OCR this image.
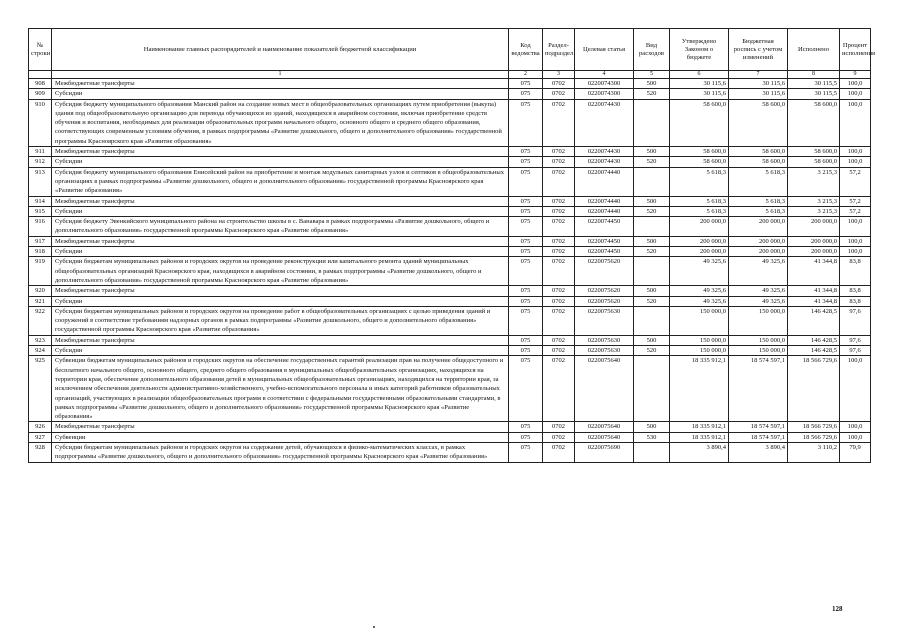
№ строки	Наименование главных распорядителей и наименование показателей бюджетной классификации	Код ведомства	Раздел-подраздел	Целевая статья	Вид расходов	Утверждено Законом о бюджете	Бюджетная роспись с учетом изменений	Исполнено	Процент исполнения
	1	2	3	4	5	6	7	8	9
908	Межбюджетные трансферты	075	0702	0220074300	500	30 115,6	30 115,6	30 115,5	100,0
909	Субсидии	075	0702	0220074300	520	30 115,6	30 115,6	30 115,5	100,0
910	Субсидия бюджету муниципального образования Манский район на создание новых мест в общеобразовательных организациях путем приобретения (выкупа) здания под общеобразовательную организацию для перевода обучающихся из зданий, находящихся в аварийном состоянии, включая приобретение средств обучения и воспитания, необходимых для реализации образовательных программ начального общего, основного общего и среднего общего образования, соответствующих современным условиям обучения, в рамках подпрограммы «Развитие дошкольного, общего и дополнительного образования» государственной программы Красноярского края «Развитие образования»	075	0702	0220074430		58 600,0	58 600,0	58 600,0	100,0
911	Межбюджетные трансферты	075	0702	0220074430	500	58 600,0	58 600,0	58 600,0	100,0
912	Субсидии	075	0702	0220074430	520	58 600,0	58 600,0	58 600,0	100,0
913	Субсидия бюджету муниципального образования Енисейский район на приобретение и монтаж модульных санитарных узлов и септиков в общеобразовательных организациях в рамках подпрограммы «Развитие дошкольного, общего и дополнительного образования» государственной программы Красноярского края «Развитие образования»	075	0702	0220074440		5 618,3	5 618,3	3 215,3	57,2
914	Межбюджетные трансферты	075	0702	0220074440	500	5 618,3	5 618,3	3 215,3	57,2
915	Субсидии	075	0702	0220074440	520	5 618,3	5 618,3	3 215,3	57,2
916	Субсидия бюджету Эвенкийского муниципального района на строительство школы в с. Ванавара в рамках подпрограммы «Развитие дошкольного, общего и дополнительного образования» государственной программы Красноярского края «Развитие образования»	075	0702	0220074450		200 000,0	200 000,0	200 000,0	100,0
917	Межбюджетные трансферты	075	0702	0220074450	500	200 000,0	200 000,0	200 000,0	100,0
918	Субсидии	075	0702	0220074450	520	200 000,0	200 000,0	200 000,0	100,0
919	Субсидии бюджетам муниципальных районов и городских округов на проведение реконструкции или капитального ремонта зданий муниципальных общеобразовательных организаций Красноярского края, находящихся в аварийном состоянии, в рамках подпрограммы «Развитие дошкольного, общего и дополнительного образования» государственной программы Красноярского края «Развитие образования»	075	0702	0220075620		49 325,6	49 325,6	41 344,8	83,8
920	Межбюджетные трансферты	075	0702	0220075620	500	49 325,6	49 325,6	41 344,8	83,8
921	Субсидии	075	0702	0220075620	520	49 325,6	49 325,6	41 344,8	83,8
922	Субсидии бюджетам муниципальных районов и городских округов на проведение работ в общеобразовательных организациях с целью приведения зданий и сооружений в соответствие требованиям надзорных органов в рамках подпрограммы «Развитие дошкольного, общего и дополнительного образования» государственной программы Красноярского края «Развитие образования»	075	0702	0220075630		150 000,0	150 000,0	146 428,5	97,6
923	Межбюджетные трансферты	075	0702	0220075630	500	150 000,0	150 000,0	146 428,5	97,6
924	Субсидии	075	0702	0220075630	520	150 000,0	150 000,0	146 428,5	97,6
925	Субвенции бюджетам муниципальных районов и городских округов на обеспечение государственных гарантий реализации прав на получение общедоступного и бесплатного начального общего, основного общего, среднего общего образования в муниципальных общеобразовательных организациях, находящихся на территории края, обеспечение дополнительного образования детей в муниципальных общеобразовательных организациях, находящихся на территории края, за исключением обеспечения деятельности административно-хозяйственного, учебно-вспомогательного персонала и иных категорий работников образовательных организаций, участвующих в реализации общеобразовательных программ в соответствии с федеральными государственными образовательными стандартами, в рамках подпрограммы «Развитие дошкольного, общего и дополнительного образования» государственной программы Красноярского края «Развитие образования»	075	0702	0220075640		18 335 912,1	18 574 597,1	18 566 729,6	100,0
926	Межбюджетные трансферты	075	0702	0220075640	500	18 335 912,1	18 574 597,1	18 566 729,6	100,0
927	Субвенции	075	0702	0220075640	530	18 335 912,1	18 574 597,1	18 566 729,6	100,0
928	Субсидии бюджетам муниципальных районов и городских округов на содержание детей, обучающихся в физико-математических классах, в рамках подпрограммы «Развитие дошкольного, общего и дополнительного образования» государственной программы Красноярского края «Развитие образования»	075	0702	0220075690		3 890,4	3 890,4	3 110,2	79,9
128
